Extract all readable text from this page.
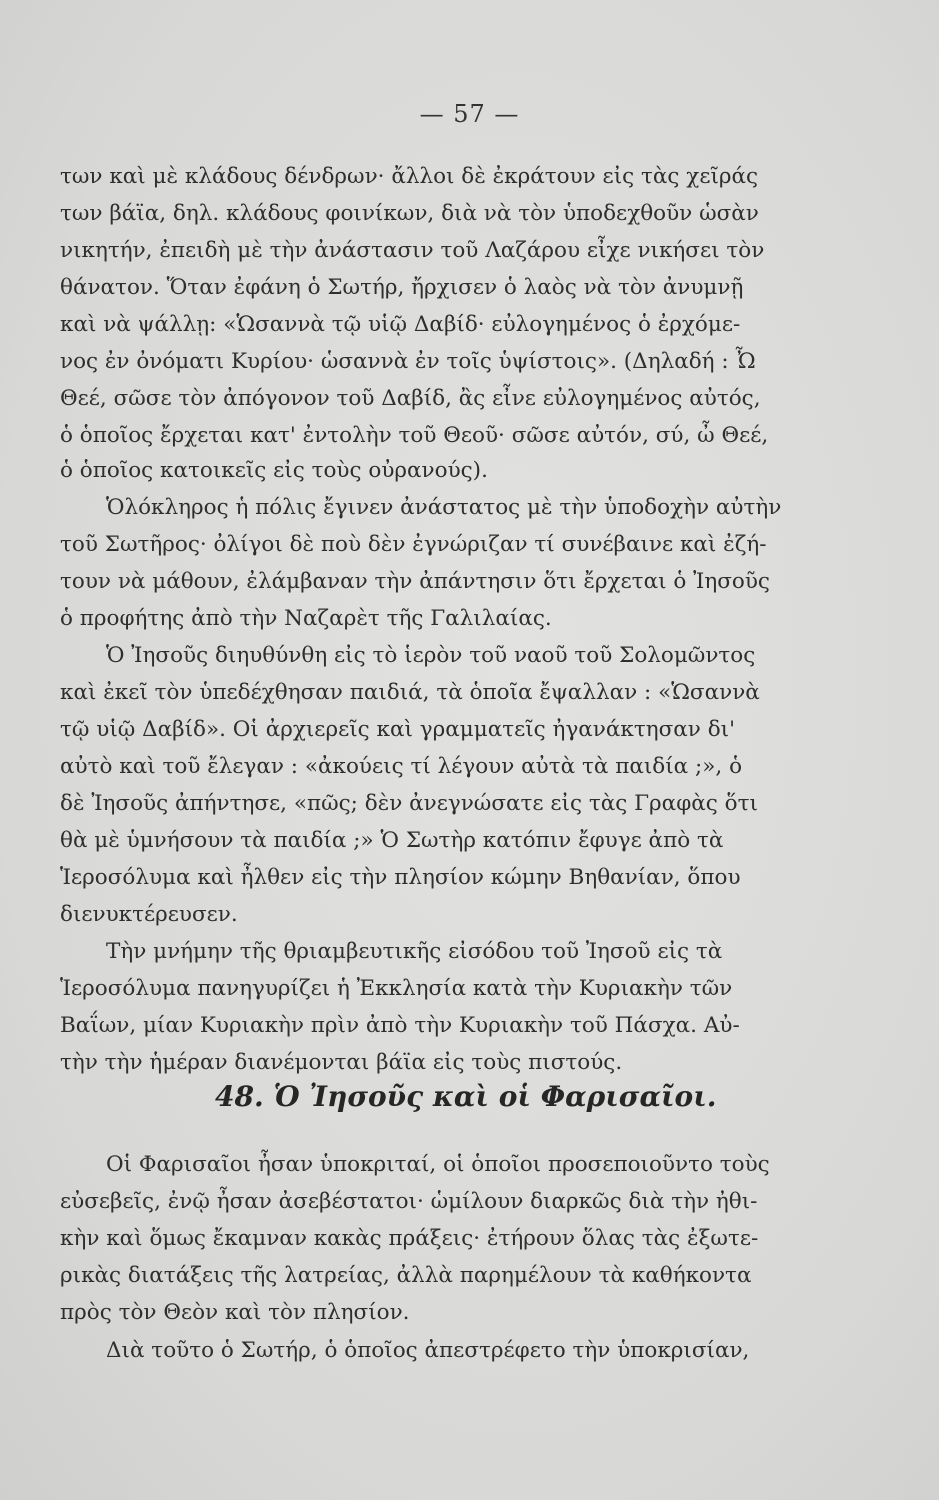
— 57 —
των καὶ μὲ κλάδους δένδρων· ἄλλοι δὲ ἐκράτουν εἰς τὰς χεῖράς
των βάϊα, δηλ. κλάδους φοινίκων, διὰ νὰ τὸν ὑποδεχθοῦν ὡσὰν
νικητήν, ἐπειδὴ μὲ τὴν ἀνάστασιν τοῦ Λαζάρου εἶχε νικήσει τὸν
θάνατον. Ὅταν ἐφάνη ὁ Σωτήρ, ἤρχισεν ὁ λαὸς νὰ τὸν ἀνυμνῇ
καὶ νὰ ψάλλῃ: «Ὡσαννὰ τῷ υἱῷ Δαβίδ· εὐλογημένος ὁ ἐρχόμε-
νος ἐν ὀνόματι Κυρίου· ὡσαννὰ ἐν τοῖς ὑψίστοις». (Δηλαδή : Ὦ
Θεέ, σῶσε τὸν ἀπόγονον τοῦ Δαβίδ, ἂς εἶνε εὐλογημένος αὐτός,
ὁ ὁποῖος ἔρχεται κατ' ἐντολὴν τοῦ Θεοῦ· σῶσε αὐτόν, σύ, ὦ Θεέ,
ὁ ὁποῖος κατοικεῖς εἰς τοὺς οὐρανούς).
Ὁλόκληρος ἡ πόλις ἔγινεν ἀνάστατος μὲ τὴν ὑποδοχὴν αὐτὴν
τοῦ Σωτῆρος· ὀλίγοι δὲ ποὺ δὲν ἐγνώριζαν τί συνέβαινε καὶ ἐζή-
τουν νὰ μάθουν, ἐλάμβαναν τὴν ἀπάντησιν ὅτι ἔρχεται ὁ Ἰησοῦς
ὁ προφήτης ἀπὸ τὴν Ναζαρὲτ τῆς Γαλιλαίας.
Ὁ Ἰησοῦς διηυθύνθη εἰς τὸ ἱερὸν τοῦ ναοῦ τοῦ Σολομῶντος
καὶ ἐκεῖ τὸν ὑπεδέχθησαν παιδιά, τὰ ὁποῖα ἔψαλλαν : «Ὡσαννὰ
τῷ υἱῷ Δαβίδ». Οἱ ἀρχιερεῖς καὶ γραμματεῖς ἠγανάκτησαν δι'
αὐτὸ καὶ τοῦ ἔλεγαν : «ἀκούεις τί λέγουν αὐτὰ τὰ παιδία ;», ὁ
δὲ Ἰησοῦς ἀπήντησε, «πῶς; δὲν ἀνεγνώσατε εἰς τὰς Γραφὰς ὅτι
θὰ μὲ ὑμνήσουν τὰ παιδία ;» Ὁ Σωτὴρ κατόπιν ἔφυγε ἀπὸ τὰ
Ἱεροσόλυμα καὶ ἦλθεν εἰς τὴν πλησίον κώμην Βηθανίαν, ὅπου
διενυκτέρευσεν.
Τὴν μνήμην τῆς θριαμβευτικῆς εἰσόδου τοῦ Ἰησοῦ εἰς τὰ
Ἱεροσόλυμα πανηγυρίζει ἡ Ἐκκλησία κατὰ τὴν Κυριακὴν τῶν
Βαΐων, μίαν Κυριακὴν πρὶν ἀπὸ τὴν Κυριακὴν τοῦ Πάσχα. Αὐ-
τὴν τὴν ἡμέραν διανέμονται βάϊα εἰς τοὺς πιστούς.
48. Ὁ Ἰησοῦς καὶ οἱ Φαρισαῖοι.
Οἱ Φαρισαῖοι ἦσαν ὑποκριταί, οἱ ὁποῖοι προσεποιοῦντο τοὺς
εὐσεβεῖς, ἐνῷ ἦσαν ἀσεβέστατοι· ὡμίλουν διαρκῶς διὰ τὴν ἠθι-
κὴν καὶ ὅμως ἔκαμναν κακὰς πράξεις· ἐτήρουν ὅλας τὰς ἐξωτε-
ρικὰς διατάξεις τῆς λατρείας, ἀλλὰ παρημέλουν τὰ καθήκοντα
πρὸς τὸν Θεὸν καὶ τὸν πλησίον.
Διὰ τοῦτο ὁ Σωτήρ, ὁ ὁποῖος ἀπεστρέφετο τὴν ὑποκρισίαν,
